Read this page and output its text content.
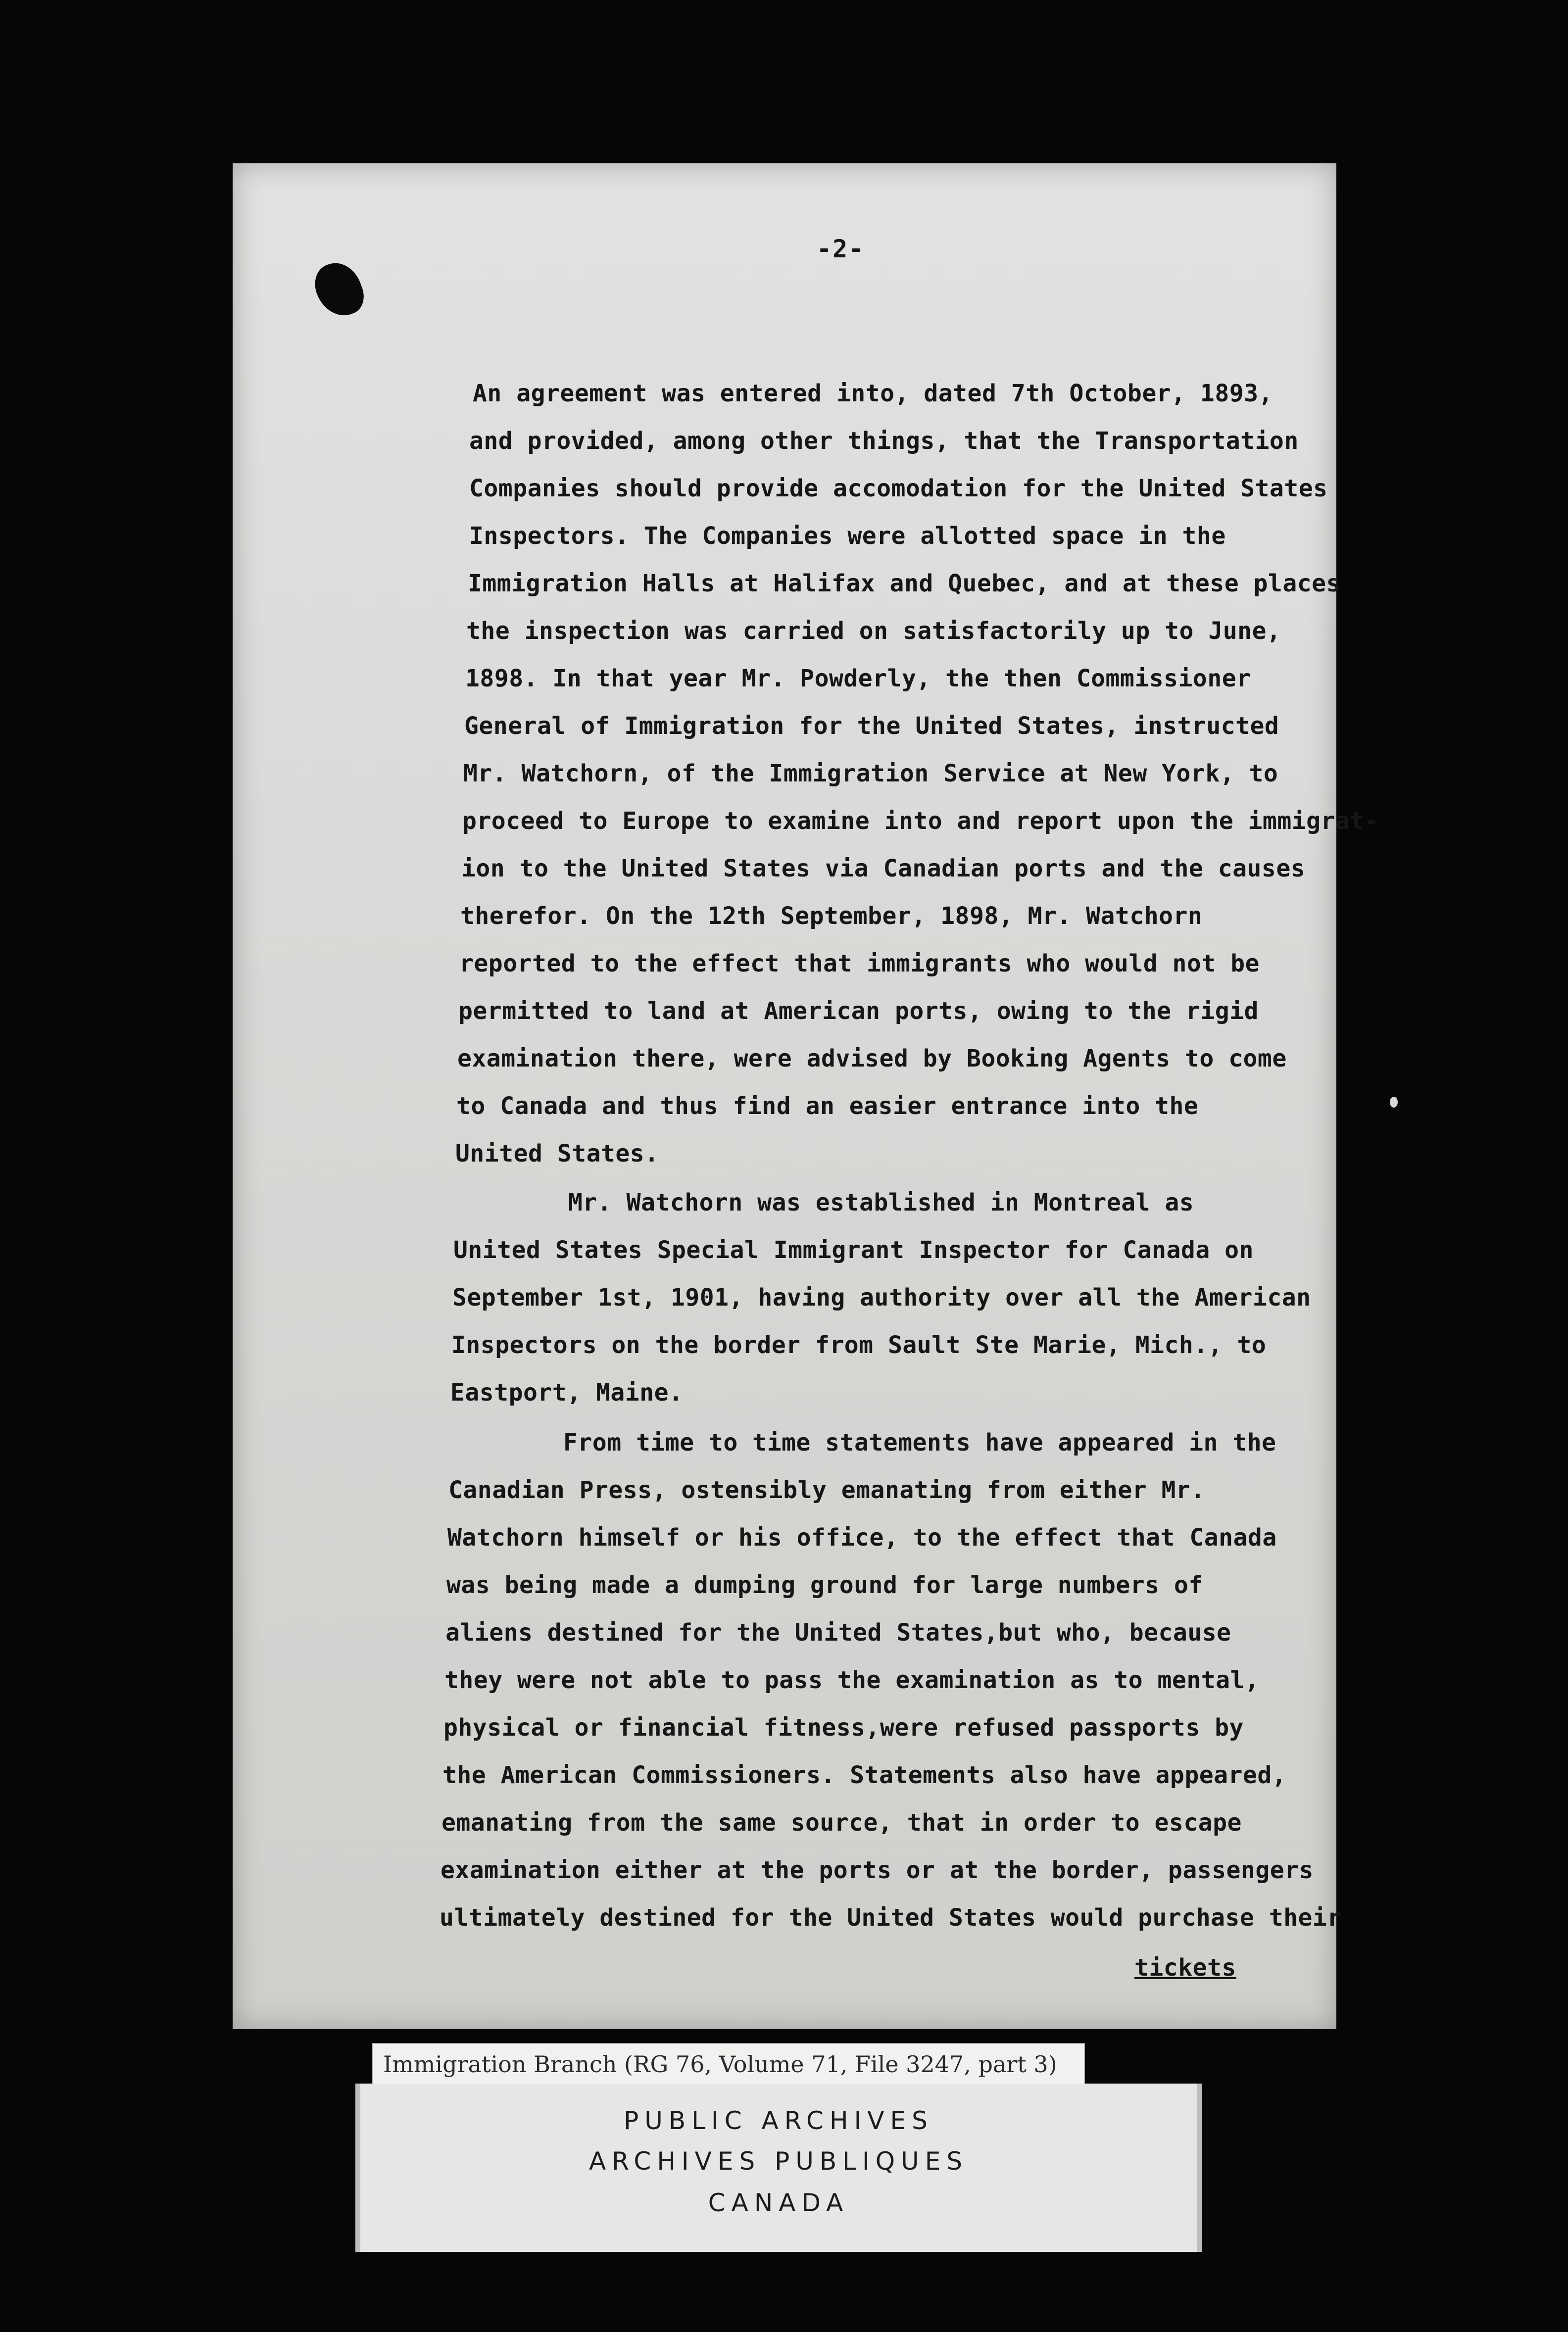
-2-
An agreement was entered into, dated 7th October, 1893,
and provided, among other things, that the Transportation
Companies should provide accomodation for the United States
Inspectors. The Companies were allotted space in the
Immigration Halls at Halifax and Quebec, and at these places
the inspection was carried on satisfactorily up to June,
1898. In that year Mr. Powderly, the then Commissioner
General of Immigration for the United States, instructed
Mr. Watchorn, of the Immigration Service at New York, to
proceed to Europe to examine into and report upon the immigrat-
ion to the United States via Canadian ports and the causes
therefor. On the 12th September, 1898, Mr. Watchorn
reported to the effect that immigrants who would not be
permitted to land at American ports, owing to the rigid
examination there, were advised by Booking Agents to come
to Canada and thus find an easier entrance into the
United States.
Mr. Watchorn was established in Montreal as
United States Special Immigrant Inspector for Canada on
September 1st, 1901, having authority over all the American
Inspectors on the border from Sault Ste Marie, Mich., to
Eastport, Maine.
From time to time statements have appeared in the
Canadian Press, ostensibly emanating from either Mr.
Watchorn himself or his office, to the effect that Canada
was being made a dumping ground for large numbers of
aliens destined for the United States,but who, because
they were not able to pass the examination as to mental,
physical or financial fitness,were refused passports by
the American Commissioners. Statements also have appeared,
emanating from the same source, that in order to escape
examination either at the ports or at the border, passengers
ultimately destined for the United States would purchase their
tickets
Immigration Branch (RG 76, Volume 71, File 3247, part 3)
PUBLIC ARCHIVES
ARCHIVES PUBLIQUES
CANADA
